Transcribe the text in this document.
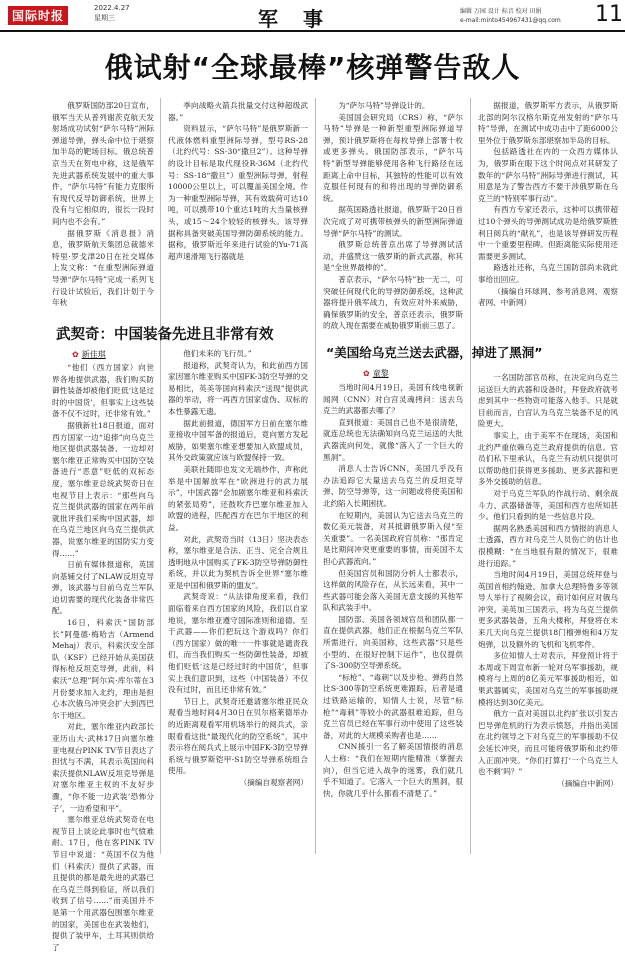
国际时报
2022.4.27
星期三	军 事	编辑 万园 设计 标音 校对 田娟
e-mail:minto454967431@qq.com	11
俄试射“全球最棒”核弹警告敌人

俄罗斯国防部20日宣布，俄军当天从普列谢茨克航天发射场成功试射“萨尔马特”洲际弹道导弹，弹头命中位于堪察加半岛的靶场目标。俄总统普京当天在贺电中称，这是俄军先进武器系统发展中的重大事件，“萨尔马特”有能力克服所有现代反导防御系统，世界上没有与它相似的，很长一段时间内也不会有。”

据俄罗斯《消息报》消息，俄罗斯航天集团总裁德米特里·罗戈津20日在社交媒体上发文称：“在重型洲际弹道导弹“萨尔马特”完成一系列飞行设计试验后，我们计划于今年秋

季向战略火箭兵批量交付这种超级武器。”

资料显示，“萨尔马特”是俄罗斯新一代液体燃料重型洲际导弹，型号RS-28（北约代号：SS-30“撒旦2”）。这种导弹的设计目标是取代现役R-36M（北约代号：SS-18“撒旦”）重型洲际导弹，射程10000公里以上，可以覆盖美国全境。作为一种重型洲际导弹，其有效载荷可达10吨，可以携带10个重达1吨的大当量核弹头，或15～24个较轻的核弹头。该导弹据称具备突破美国导弹防御系统的能力。据称，俄罗斯近年来进行试验的Yu-71高超声速滑翔飞行器就是

为“萨尔马特”导弹设计的。

美国国会研究局（CRS）称，“萨尔马特”导弹是一种新型重型洲际弹道导弹，预计俄罗斯将在每枚导弹上部署十枚或更多弹头。俄国防部表示，“萨尔马特”新型导弹能够使用各种飞行路径在远距离上命中目标，其独特的性能可以有效克服任何现有的和将出现的导弹防御系统。

据英国路透社报道，俄罗斯于20日首次完成了对可携带核弹头的新型洲际弹道导弹“萨尔马特”的测试。

俄罗斯总统普京出席了导弹测试活动，并盛赞这一俄罗斯的新式武器，称其是“全世界最棒的”。

普京表示，“萨尔马特”独一无二，可突破任何现代化的导弹防御系统，这种武器将提升俄军战力，有效应对外来威胁，确保俄罗斯的安全，普京还表示，俄罗斯的敌人现在需要在威胁俄罗斯前三思了。

据报道，俄罗斯军方表示，从俄罗斯北部的阿尔汉格尔斯克州发射的“萨尔马特”导弹，在测试中成功击中了距6000公里外位于俄罗斯东部堪察加半岛的目标。

包括路透社在内的一众西方媒体认为，俄罗斯在眼下这个时间点对其研发了数年的“萨尔马特”洲际导弹进行测试，其用意是为了警告西方不要干涉俄罗斯在乌克兰的“特别军事行动”。

有西方专家还表示，这种可以携带超过10个弹头的导弹测试成功是给俄罗斯胜利日阅兵的“献礼”，也是该导弹研发历程中一个重要里程碑。但距离能实际使用还需要更多测试。

路透社还称，乌克兰国防部尚未就此事给出回应。

（摘编自环球网、参考消息网、观察者网、中新网）

武契奇：中国装备先进且非常有效
✿ 新佳琪

“他们（西方国家）向世界各地提供武器，我们购买防御性装备却被他们贬低‘这是过时的中国货’，但事实上这些装备不仅不过时，还非常有效。”

据俄新社18日报道，面对西方国家一边“追捧”向乌克兰地区提供武器装备、一边却对塞尔维亚正常购买中国防空装备进行“恶意”贬低的双标态度，塞尔维亚总统武契奇日在电视节目上表示：“那些向乌克兰提供武器的国家在两年前就批评我们采购中国武器，却在乌克兰地区向乌克兰提供武器，说塞尔维亚的国防实力变得……”

日前有媒体报道称，英国向基辅交付了NLAW反坦克导弹，该武器与目前乌克兰军队迫切需要的现代化装备非常匹配。

16日，科索沃“国防部长”阿曼德·梅哈吉（Armend Mehaj）表示，科索沃安全部队（KSF）已经开始从美国获得标枪反坦克导弹，此前，科索沃“总理”阿尔宾·库尔蒂在3月份要求加入北约，理由是担心本次俄乌冲突会扩大到西巴尔干地区。

对此，塞尔维亚内政部长亚历山大·武林17日向塞尔维亚电视台PINK TV节目表达了担忧与不满，其表示英国向科索沃提供NLAW反坦克导弹是对塞尔维亚主权的不友好步骤，“你不能一边武装‘恐怖分子’，一边希望和平”。

塞尔维亚总统武契奇在电视节目上谈论此事时也气愤难耐。17日，他在客PINK TV节目中说道：“英国不仅为他们（科索沃）提供了武器，而且提供的都是最先进的武器已在乌克兰得到验证，所以我们收到了信号……”而美国并不是第一个用武器包围塞尔维亚的国家，美国也在武装他们，提供了装甲车，土耳其则供给了

他们未来的飞行员。”

报道称，武契奇认为，和此前西方国家因塞尔维亚购买中国FK-3防空导弹的交易相比，英美等国向科索沃“送现”提供武器的举动，将一再西方国家虚伪、双标的本性暴露无遗。

据此前报道，德国军方日前在塞尔维亚接收中国军备的报道后，竟向塞方发起威胁，如果塞尔维亚想要加入欧盟成员，其外交政策就应该与欧盟保持一致。

美联社随即也发文无端炒作，声称此举是中国解放军在“欧洲进行的武力展示”，中国武器“会加剧塞尔维亚和科索沃的紧张局势”，还鼓吹乔巴塞尔维亚加入欧盟的进程，匹配西方在巴尔干地区的利益。

对此，武契奇当时（13日）坚决表态称，塞尔维亚是合法、正当、完全合规且透明地从中国购买了FK-3防空导弹防御性系统，并以此为契机告诉全世界“塞尔维亚是中国和俄罗斯的盟友”。

武契奇说：“从法律角度来看，我们面临着来自西方国家的风险，我们以自家地说，塞尔维亚遵守国际准则和道德。至于武器——你们把玩这个游戏吗？你们（西方国家）做的唯一一件事就是谴责我们，而当我们购买一些防御性装备，却被他们贬低‘这是已经过时的中国货’，但事实上我们意识到，这些（中国装备）不仅没有过时，而且还非常有效。”

节日上，武契奇还邀请塞尔维亚民众观看当地时间4月30日在贝尔格莱德举办的近距离观看军用机场举行的阅兵式，亲眼看看这批“最现代化的防空系统”，其中表示将在阅兵式上展示中国FK-3防空导弹系统与俄罗斯铠甲-S1防空导弹系统组合使用。

（摘编自观察者网）

“美国给乌克兰送去武器，掉进了黑洞”
✿ 童黎

当地时间4月19日，美国有线电视新闻网（CNN）对白宫灵魂拷问：送去乌克兰的武器都去哪了？

直到报道：美国自己也不是很清楚，就连总统也无法确知向乌克兰运送的大批武器流向何处，就像“落入了一个巨大的黑洞”。

消息人士告诉CNN，美国几乎没有办法追踪它大量送去乌克兰的反坦克导弹、防空导弹等，这一问题或将使美国和北约陷入长期困扰。

在短期内，美国认为它送去乌克兰的数亿美元装备，对其抵御俄罗斯入侵“至关重要”。一名美国政府官员称：“那肯定是比期间冲突更重要的事情，而美国不太担心武器流向。”

但美国官员和国防分析人士都表示，这样做的风险存在，从长远来看，其中一些武器可能会落入美国无意支援的其他军队和武装手中。

国防部、美国各领域官员和团队都一直在提供武器，他们正在根据乌克兰军队所需进行，向美国称，这些武器“只是些小型的、在很好控制下运作”，也仅提供了S-300防空导弹系统。

“标枪”、“毒刺”以及步枪、弹药自然比S-300等防空系统更难跟踪，后者是通过铁路运输的，知情人士说，尽管“标枪”“毒刺”等较小的武器很难追踪，但乌克兰官员已经在军事行动中使用了这些装备，对此的大规模采购者也是……

CNN援引一名了解美国情报的消息人士称：“我们在短期内能精准（掌握去向），但当它进入战争的迷雾，我们就几乎不知道了。它落入一个巨大的黑洞，很快，你就几乎什么都看不清楚了。”

一名国防部官员称，在决定向乌克兰运送巨大的武器和设备时，拜登政府就考虑到其中一些物资可能落入他手。只是就目前而言，白宫认为乌克兰装备不足的风险更大。

事实上，由于美军不在现场，美国和北约严重依赖乌克兰政府提供的信息。官员们私下里承认，乌克兰有动机只提供可以帮助他们获得更多援助、更多武器和更多外交援助的信息。

对于乌克兰军队的作战行动、剩余战斗力、武器储备等，美国和西方也所知甚少。他们只看到的是一些信息片段。

据两名熟悉美国和西方情报的消息人士透露，西方对乌克兰人员伤亡的估计也很模糊：“在当地很有限的情况下，很难进行追踪。”

当地时间4月19日，美国总统拜登与英国首相约翰逊、加拿大总理特鲁多等领导人举行了视频会议，商讨如何应对俄乌冲突。美英加三国表示，将为乌克兰提供更多武器装备，五角大楼称，拜登将在未来几天向乌克兰提供18门榴弹炮和4万发炮弹，以及额外的飞机和飞机零件。

多位知情人士对表示，拜登预计将于本周或下周宣布新一轮对乌军事援助，规模将与上周的8亿美元军事援助相近，如果武器属实，美国对乌克兰的军事援助规模将达到30亿美元。

俄方一直对美国以北约扩张以引发古巴导弹危机的行为表示愤怒，并指出美国在北约领导之下对乌克兰的军事援助不仅会延长冲突，而且可能将俄罗斯和北约带入正面冲突。“你们打算打‘一个乌克兰人也不剩’吗？”

（摘编自中新网）
